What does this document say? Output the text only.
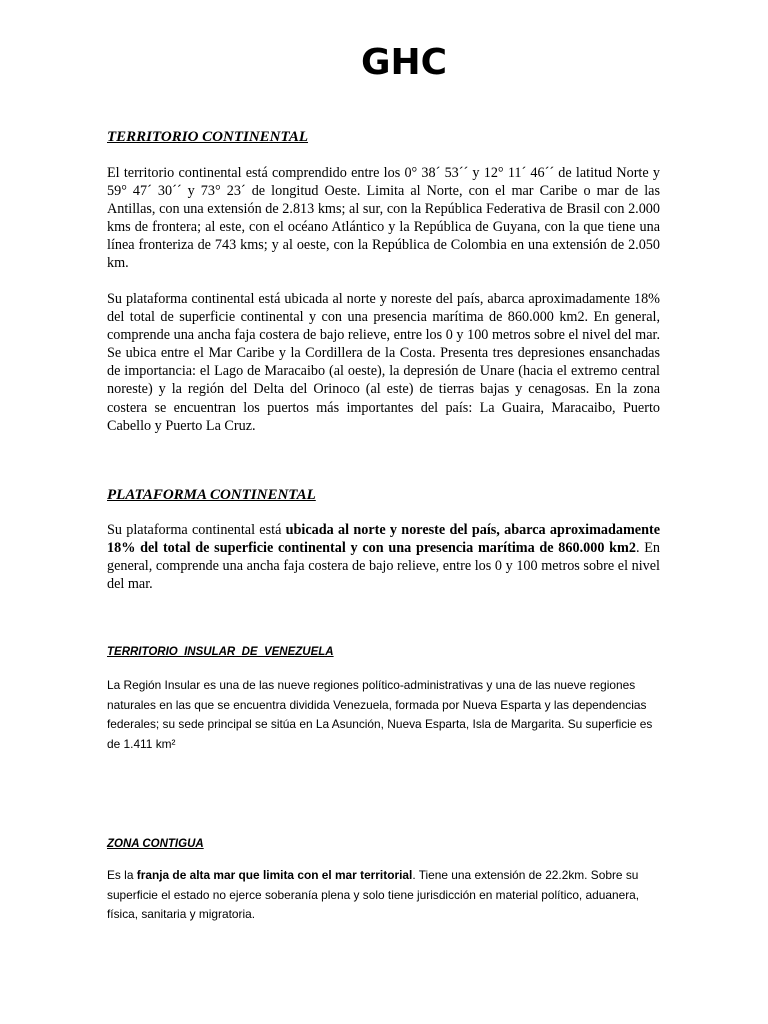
GHC

TERRITORIO CONTINENTAL

El territorio continental está comprendido entre los 0° 38´ 53´´ y 12° 11´ 46´´ de latitud Norte y 59° 47´ 30´´ y 73° 23´ de longitud Oeste. Limita al Norte, con el mar Caribe o mar de las Antillas, con una extensión de 2.813 kms; al sur, con la República Federativa de Brasil con 2.000 kms de frontera; al este, con el océano Atlántico y la República de Guyana, con la que tiene una línea fronteriza de 743 kms; y al oeste, con la República de Colombia en una extensión de 2.050 km.

Su plataforma continental está ubicada al norte y noreste del país, abarca aproximadamente 18% del total de superficie continental y con una presencia marítima de 860.000 km2. En general, comprende una ancha faja costera de bajo relieve, entre los 0 y 100 metros sobre el nivel del mar. Se ubica entre el Mar Caribe y la Cordillera de la Costa. Presenta tres depresiones ensanchadas de importancia: el Lago de Maracaibo (al oeste), la depresión de Unare (hacia el extremo central noreste) y la región del Delta del Orinoco (al este) de tierras bajas y cenagosas. En la zona costera se encuentran los puertos más importantes del país: La Guaira, Maracaibo, Puerto Cabello y Puerto La Cruz.

PLATAFORMA CONTINENTAL

Su plataforma continental está ubicada al norte y noreste del país, abarca aproximadamente 18% del total de superficie continental y con una presencia marítima de 860.000 km2. En general, comprende una ancha faja costera de bajo relieve, entre los 0 y 100 metros sobre el nivel del mar.

TERRITORIO  INSULAR  DE  VENEZUELA

La Región Insular es una de las nueve regiones político-administrativas y una de las nueve regiones naturales en las que se encuentra dividida Venezuela, formada por Nueva Esparta y las dependencias federales; su sede principal se sitúa en La Asunción, Nueva Esparta, Isla de Margarita. Su superficie es de 1.411 km²

ZONA CONTIGUA

Es la franja de alta mar que limita con el mar territorial. Tiene una extensión de 22.2km. Sobre su superficie el estado no ejerce soberanía plena y solo tiene jurisdicción en material político, aduanera, física, sanitaria y migratoria.
